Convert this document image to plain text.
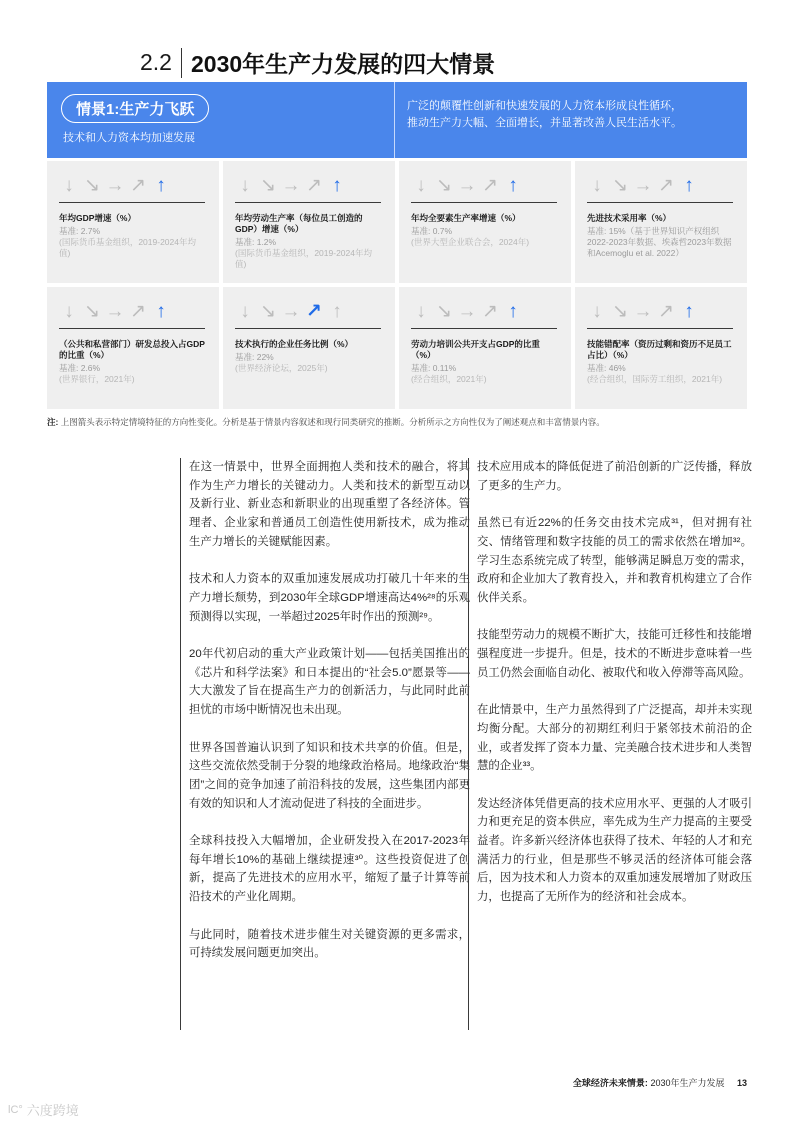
2.2 2030年生产力发展的四大情景
情景1:生产力飞跃
技术和人力资本均加速发展
广泛的颠覆性创新和快速发展的人力资本形成良性循环，
推动生产力大幅、全面增长，并显著改善人民生活水平。
↓ ↘ → ↗ ↑
年均GDP增速（%）
基准: 2.7%
(国际货币基金组织，2019-2024年均值)
↓ ↘ → ↗ ↑
年均劳动生产率（每位员工创造的GDP）增速（%）
基准: 1.2%
(国际货币基金组织，2019-2024年均值)
↓ ↘ → ↗ ↑
年均全要素生产率增速（%）
基准: 0.7%
(世界大型企业联合会，2024年)
↓ ↘ → ↗ ↑
先进技术采用率（%）
基准: 15%（基于世界知识产权组织2022-2023年数据、埃森哲2023年数据和Acemoglu et al. 2022）
↓ ↘ → ↗ ↑
（公共和私营部门）研发总投入占GDP的比重（%）
基准: 2.6%
(世界银行，2021年)
↓ ↘ → ↗ ↑
技术执行的企业任务比例（%）
基准: 22%
(世界经济论坛，2025年)
↓ ↘ → ↗ ↑
劳动力培训公共开支占GDP的比重（%）
基准: 0.11%
(经合组织，2021年)
↓ ↘ → ↗ ↑
技能错配率（资历过剩和资历不足员工占比）（%）
基准: 46%
(经合组织，国际劳工组织，2021年)
注: 上图箭头表示特定情境特征的方向性变化。分析是基于情景内容叙述和现行同类研究的推断。分析所示之方向性仅为了阐述观点和丰富情景内容。

在这一情景中，世界全面拥抱人类和技术的融合，将其作为生产力增长的关键动力。人类和技术的新型互动以及新行业、新业态和新职业的出现重塑了各经济体。管理者、企业家和普通员工创造性使用新技术，成为推动生产力增长的关键赋能因素。

技术和人力资本的双重加速发展成功打破几十年来的生产力增长颓势，到2030年全球GDP增速高达4%²⁸的乐观预测得以实现，一举超过2025年时作出的预测²⁹。

20年代初启动的重大产业政策计划——包括美国推出的《芯片和科学法案》和日本提出的“社会5.0”愿景等——大大激发了旨在提高生产力的创新活力，与此同时此前担忧的市场中断情况也未出现。

世界各国普遍认识到了知识和技术共享的价值。但是，这些交流依然受制于分裂的地缘政治格局。地缘政治“集团”之间的竞争加速了前沿科技的发展，这些集团内部更有效的知识和人才流动促进了科技的全面进步。

全球科技投入大幅增加，企业研发投入在2017-2023年每年增长10%的基础上继续提速³⁰。这些投资促进了创新，提高了先进技术的应用水平，缩短了量子计算等前沿技术的产业化周期。

与此同时，随着技术进步催生对关键资源的更多需求，可持续发展问题更加突出。

技术应用成本的降低促进了前沿创新的广泛传播，释放了更多的生产力。

虽然已有近22%的任务交由技术完成³¹，但对拥有社交、情绪管理和数字技能的员工的需求依然在增加³²。学习生态系统完成了转型，能够满足瞬息万变的需求，政府和企业加大了教育投入，并和教育机构建立了合作伙伴关系。

技能型劳动力的规模不断扩大，技能可迁移性和技能增强程度进一步提升。但是，技术的不断进步意味着一些员工仍然会面临自动化、被取代和收入停滞等高风险。

在此情景中，生产力虽然得到了广泛提高，却并未实现均衡分配。大部分的初期红利归于紧邻技术前沿的企业，或者发挥了资本力量、完美融合技术进步和人类智慧的企业³³。

发达经济体凭借更高的技术应用水平、更强的人才吸引力和更充足的资本供应，率先成为生产力提高的主要受益者。许多新兴经济体也获得了技术、年轻的人才和充满活力的行业，但是那些不够灵活的经济体可能会落后，因为技术和人力资本的双重加速发展增加了财政压力，也提高了无所作为的经济和社会成本。

全球经济未来情景: 2030年生产力发展 13
lC° 六度跨境
